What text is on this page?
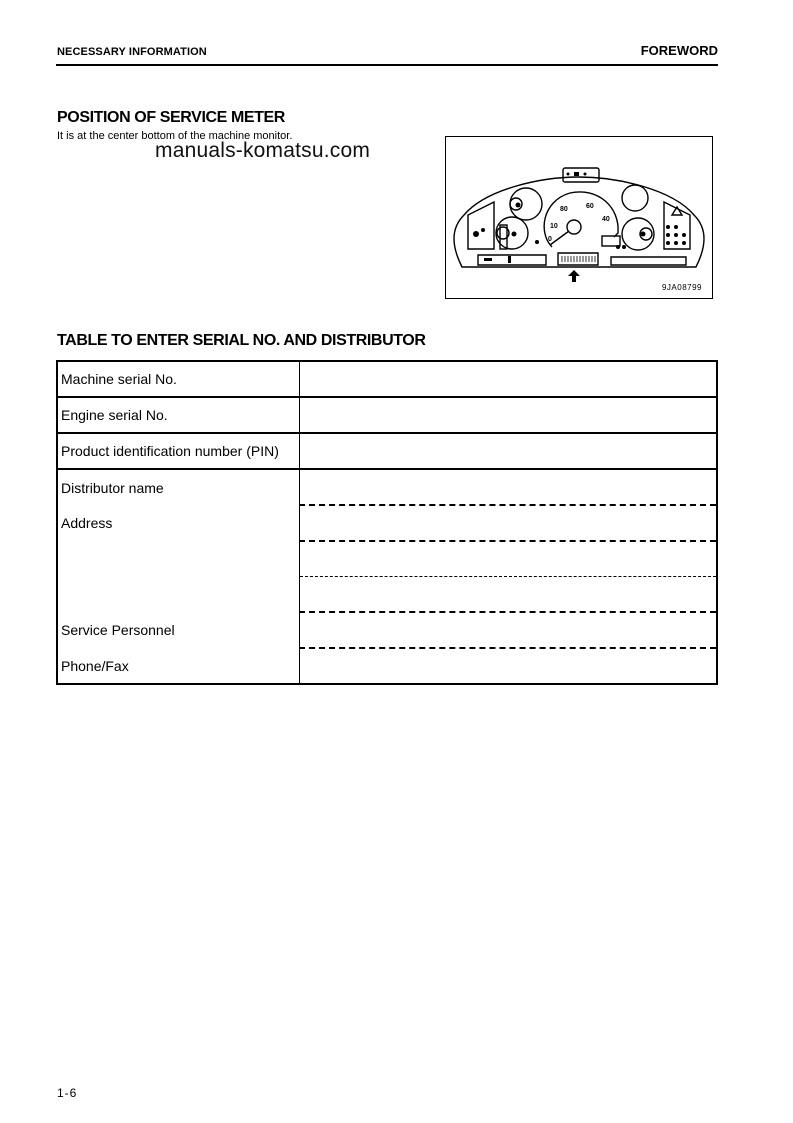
NECESSARY INFORMATION	FOREWORD
POSITION OF SERVICE METER
It is at the center bottom of the machine monitor.
manuals-komatsu.com
80	60
40
10
0
9JA08799
TABLE TO ENTER SERIAL NO. AND DISTRIBUTOR
Machine serial No.	
Engine serial No.	
Product identification number (PIN)	
Distributor name	
Address	

Service Personnel	
Phone/Fax	
1-6
